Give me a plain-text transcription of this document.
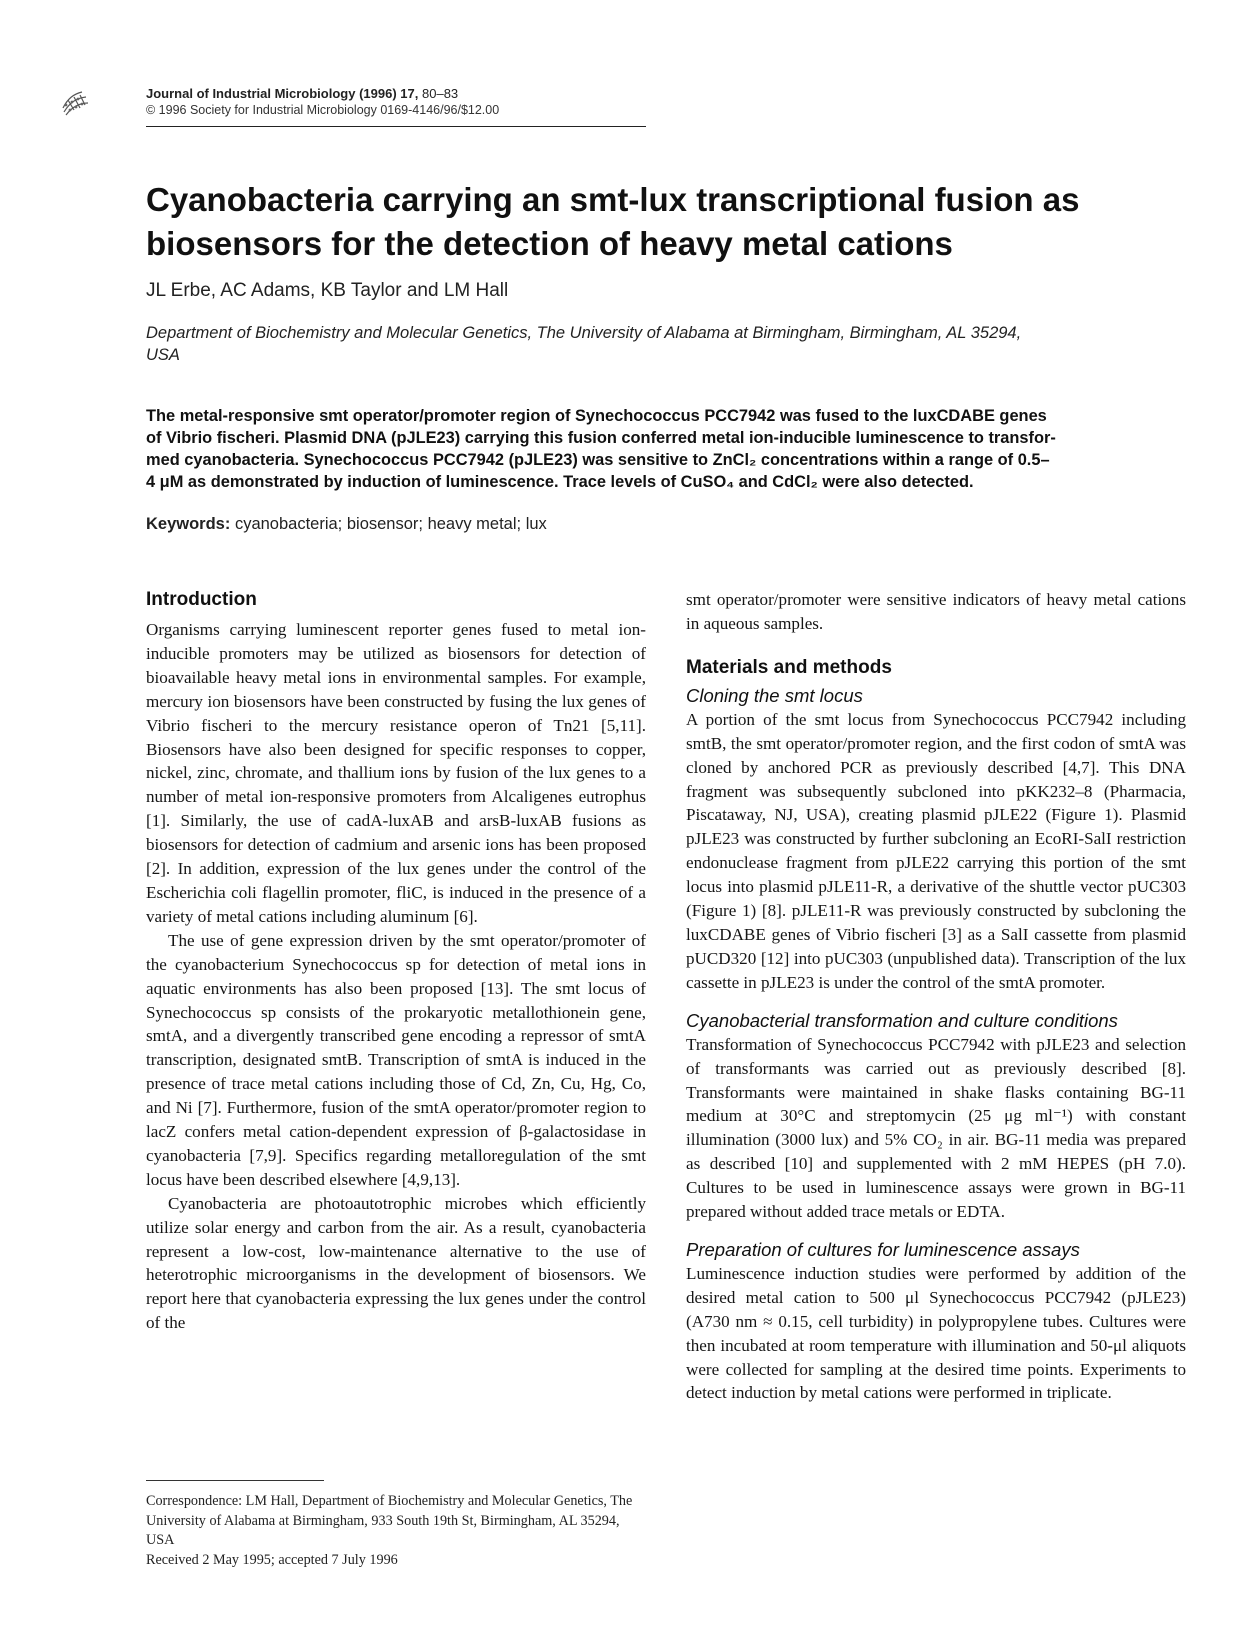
Journal of Industrial Microbiology (1996) 17, 80–83
© 1996 Society for Industrial Microbiology 0169-4146/96/$12.00
Cyanobacteria carrying an smt-lux transcriptional fusion as
biosensors for the detection of heavy metal cations
JL Erbe, AC Adams, KB Taylor and LM Hall
Department of Biochemistry and Molecular Genetics, The University of Alabama at Birmingham, Birmingham, AL 35294,
USA
The metal-responsive smt operator/promoter region of Synechococcus PCC7942 was fused to the luxCDABE genes
of Vibrio fischeri. Plasmid DNA (pJLE23) carrying this fusion conferred metal ion-inducible luminescence to transfor-
med cyanobacteria. Synechococcus PCC7942 (pJLE23) was sensitive to ZnCl₂ concentrations within a range of 0.5–
4 μM as demonstrated by induction of luminescence. Trace levels of CuSO₄ and CdCl₂ were also detected.
Keywords: cyanobacteria; biosensor; heavy metal; lux
Introduction

Organisms carrying luminescent reporter genes fused to metal ion-inducible promoters may be utilized as biosensors for detection of bioavailable heavy metal ions in environmental samples. For example, mercury ion biosensors have been constructed by fusing the lux genes of Vibrio fischeri to the mercury resistance operon of Tn21 [5,11]. Biosensors have also been designed for specific responses to copper, nickel, zinc, chromate, and thallium ions by fusion of the lux genes to a number of metal ion-responsive promoters from Alcaligenes eutrophus [1]. Similarly, the use of cadA-luxAB and arsB-luxAB fusions as biosensors for detection of cadmium and arsenic ions has been proposed [2]. In addition, expression of the lux genes under the control of the Escherichia coli flagellin promoter, fliC, is induced in the presence of a variety of metal cations including aluminum [6].

The use of gene expression driven by the smt operator/promoter of the cyanobacterium Synechococcus sp for detection of metal ions in aquatic environments has also been proposed [13]. The smt locus of Synechococcus sp consists of the prokaryotic metallothionein gene, smtA, and a divergently transcribed gene encoding a repressor of smtA transcription, designated smtB. Transcription of smtA is induced in the presence of trace metal cations including those of Cd, Zn, Cu, Hg, Co, and Ni [7]. Furthermore, fusion of the smtA operator/promoter region to lacZ confers metal cation-dependent expression of β-galactosidase in cyanobacteria [7,9]. Specifics regarding metalloregulation of the smt locus have been described elsewhere [4,9,13].

Cyanobacteria are photoautotrophic microbes which efficiently utilize solar energy and carbon from the air. As a result, cyanobacteria represent a low-cost, low-maintenance alternative to the use of heterotrophic microorganisms in the development of biosensors. We report here that cyanobacteria expressing the lux genes under the control of the

Correspondence: LM Hall, Department of Biochemistry and Molecular Genetics, The University of Alabama at Birmingham, 933 South 19th St, Birmingham, AL 35294, USA

Received 2 May 1995; accepted 7 July 1996

smt operator/promoter were sensitive indicators of heavy metal cations in aqueous samples.

Materials and methods
Cloning the smt locus

A portion of the smt locus from Synechococcus PCC7942 including smtB, the smt operator/promoter region, and the first codon of smtA was cloned by anchored PCR as previously described [4,7]. This DNA fragment was subsequently subcloned into pKK232–8 (Pharmacia, Piscataway, NJ, USA), creating plasmid pJLE22 (Figure 1). Plasmid pJLE23 was constructed by further subcloning an EcoRI-SalI restriction endonuclease fragment from pJLE22 carrying this portion of the smt locus into plasmid pJLE11-R, a derivative of the shuttle vector pUC303 (Figure 1) [8]. pJLE11-R was previously constructed by subcloning the luxCDABE genes of Vibrio fischeri [3] as a SalI cassette from plasmid pUCD320 [12] into pUC303 (unpublished data). Transcription of the lux cassette in pJLE23 is under the control of the smtA promoter.

Cyanobacterial transformation and culture conditions

Transformation of Synechococcus PCC7942 with pJLE23 and selection of transformants was carried out as previously described [8]. Transformants were maintained in shake flasks containing BG-11 medium at 30°C and streptomycin (25 μg ml⁻¹) with constant illumination (3000 lux) and 5% CO₂ in air. BG-11 media was prepared as described [10] and supplemented with 2 mM HEPES (pH 7.0). Cultures to be used in luminescence assays were grown in BG-11 prepared without added trace metals or EDTA.

Preparation of cultures for luminescence assays

Luminescence induction studies were performed by addition of the desired metal cation to 500 μl Synechococcus PCC7942 (pJLE23) (A730 nm ≈ 0.15, cell turbidity) in polypropylene tubes. Cultures were then incubated at room temperature with illumination and 50-μl aliquots were collected for sampling at the desired time points. Experiments to detect induction by metal cations were performed in triplicate.
